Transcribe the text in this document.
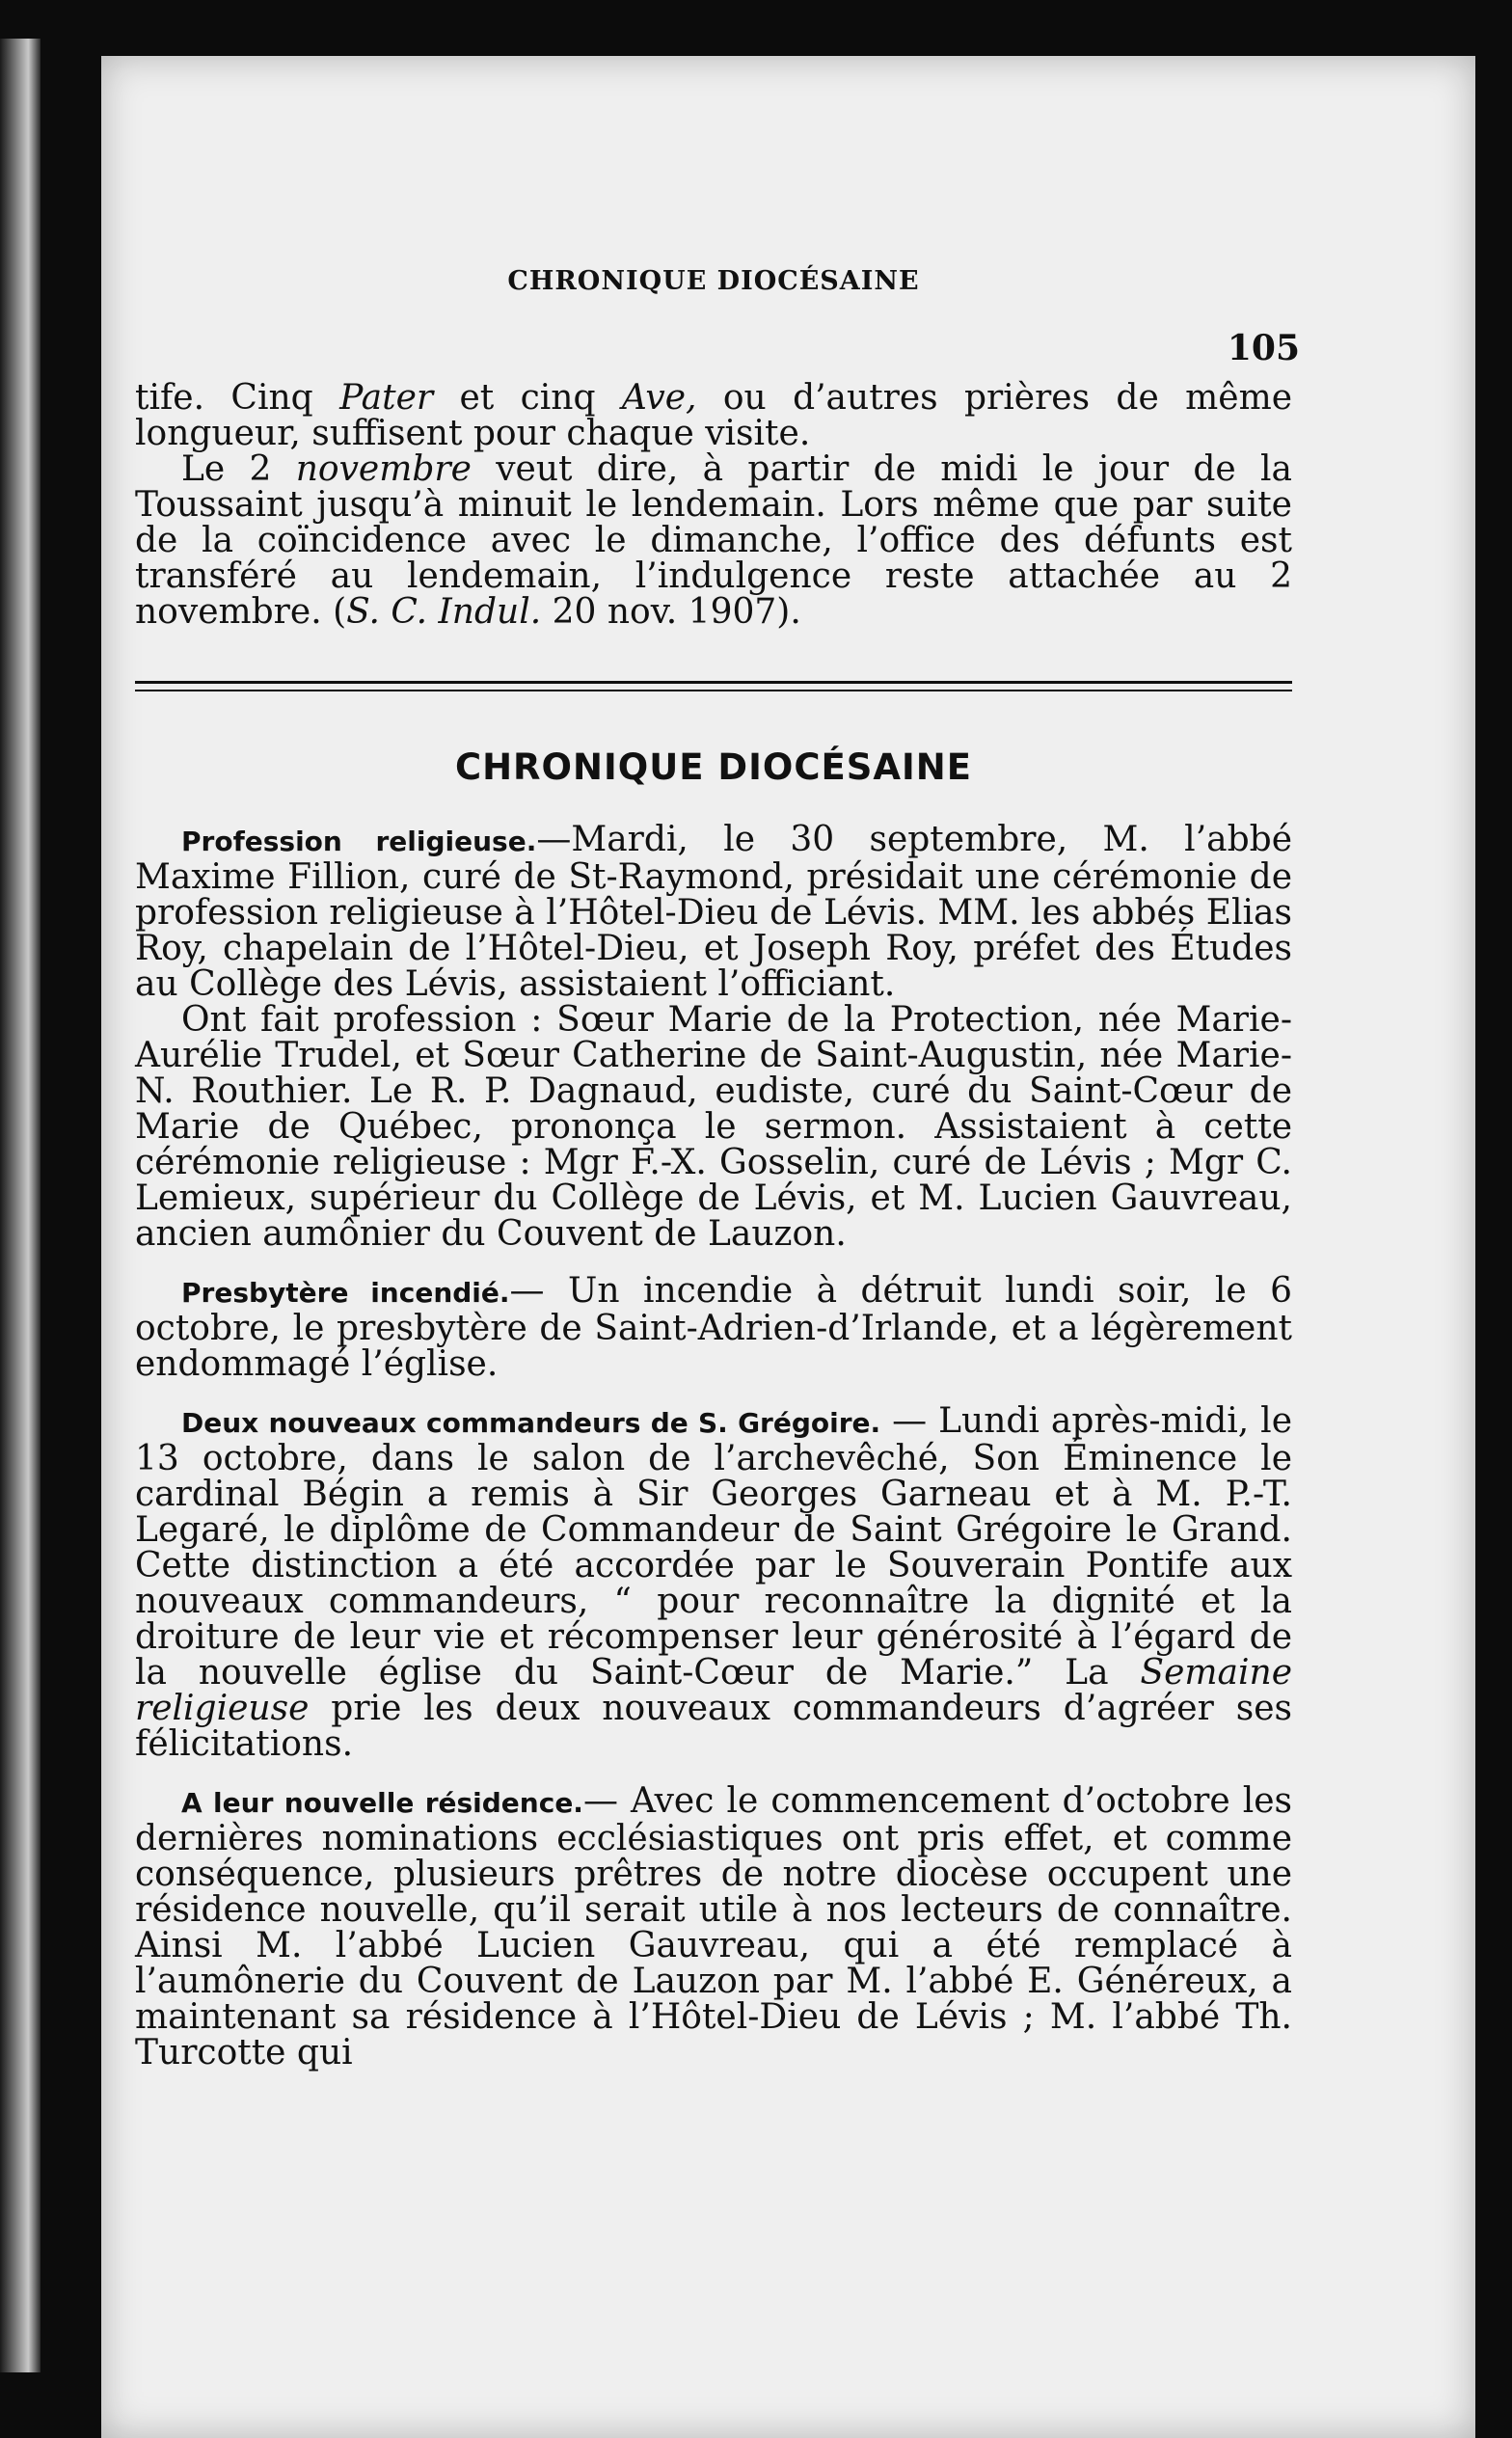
CHRONIQUE DIOCÉSAINE
105

tife. Cinq Pater et cinq Ave, ou d’autres prières de même longueur, suffisent pour chaque visite.

Le 2 novembre veut dire, à partir de midi le jour de la Toussaint jusqu’à minuit le lendemain. Lors même que par suite de la coïncidence avec le dimanche, l’office des défunts est transféré au lendemain, l’indulgence reste attachée au 2 novembre. (S. C. Indul. 20 nov. 1907).

CHRONIQUE DIOCÉSAINE

Profession religieuse.—Mardi, le 30 septembre, M. l’abbé Maxime Fillion, curé de St-Raymond, présidait une cérémonie de profession religieuse à l’Hôtel-Dieu de Lévis. MM. les abbés Elias Roy, chapelain de l’Hôtel-Dieu, et Joseph Roy, préfet des Études au Collège des Lévis, assistaient l’officiant.

Ont fait profession : Sœur Marie de la Protection, née Marie-Aurélie Trudel, et Sœur Catherine de Saint-Augustin, née Marie-N. Routhier. Le R. P. Dagnaud, eudiste, curé du Saint-Cœur de Marie de Québec, prononça le sermon. Assistaient à cette cérémonie religieuse : Mgr F.-X. Gosselin, curé de Lévis ; Mgr C. Lemieux, supérieur du Collège de Lévis, et M. Lucien Gauvreau, ancien aumônier du Couvent de Lauzon.

Presbytère incendié.— Un incendie à détruit lundi soir, le 6 octobre, le presbytère de Saint-Adrien-d’Irlande, et a légèrement endommagé l’église.

Deux nouveaux commandeurs de S. Grégoire. — Lundi après-midi, le 13 octobre, dans le salon de l’archevêché, Son Éminence le cardinal Bégin a remis à Sir Georges Garneau et à M. P.-T. Legaré, le diplôme de Commandeur de Saint Grégoire le Grand. Cette distinction a été accordée par le Souverain Pontife aux nouveaux commandeurs, “ pour reconnaître la dignité et la droiture de leur vie et récompenser leur générosité à l’égard de la nouvelle église du Saint-Cœur de Marie.” La Semaine religieuse prie les deux nouveaux commandeurs d’agréer ses félicitations.

A leur nouvelle résidence.— Avec le commencement d’octobre les dernières nominations ecclésiastiques ont pris effet, et comme conséquence, plusieurs prêtres de notre diocèse occupent une résidence nouvelle, qu’il serait utile à nos lecteurs de connaître. Ainsi M. l’abbé Lucien Gauvreau, qui a été remplacé à l’aumônerie du Couvent de Lauzon par M. l’abbé E. Généreux, a maintenant sa résidence à l’Hôtel-Dieu de Lévis ; M. l’abbé Th. Turcotte qui
